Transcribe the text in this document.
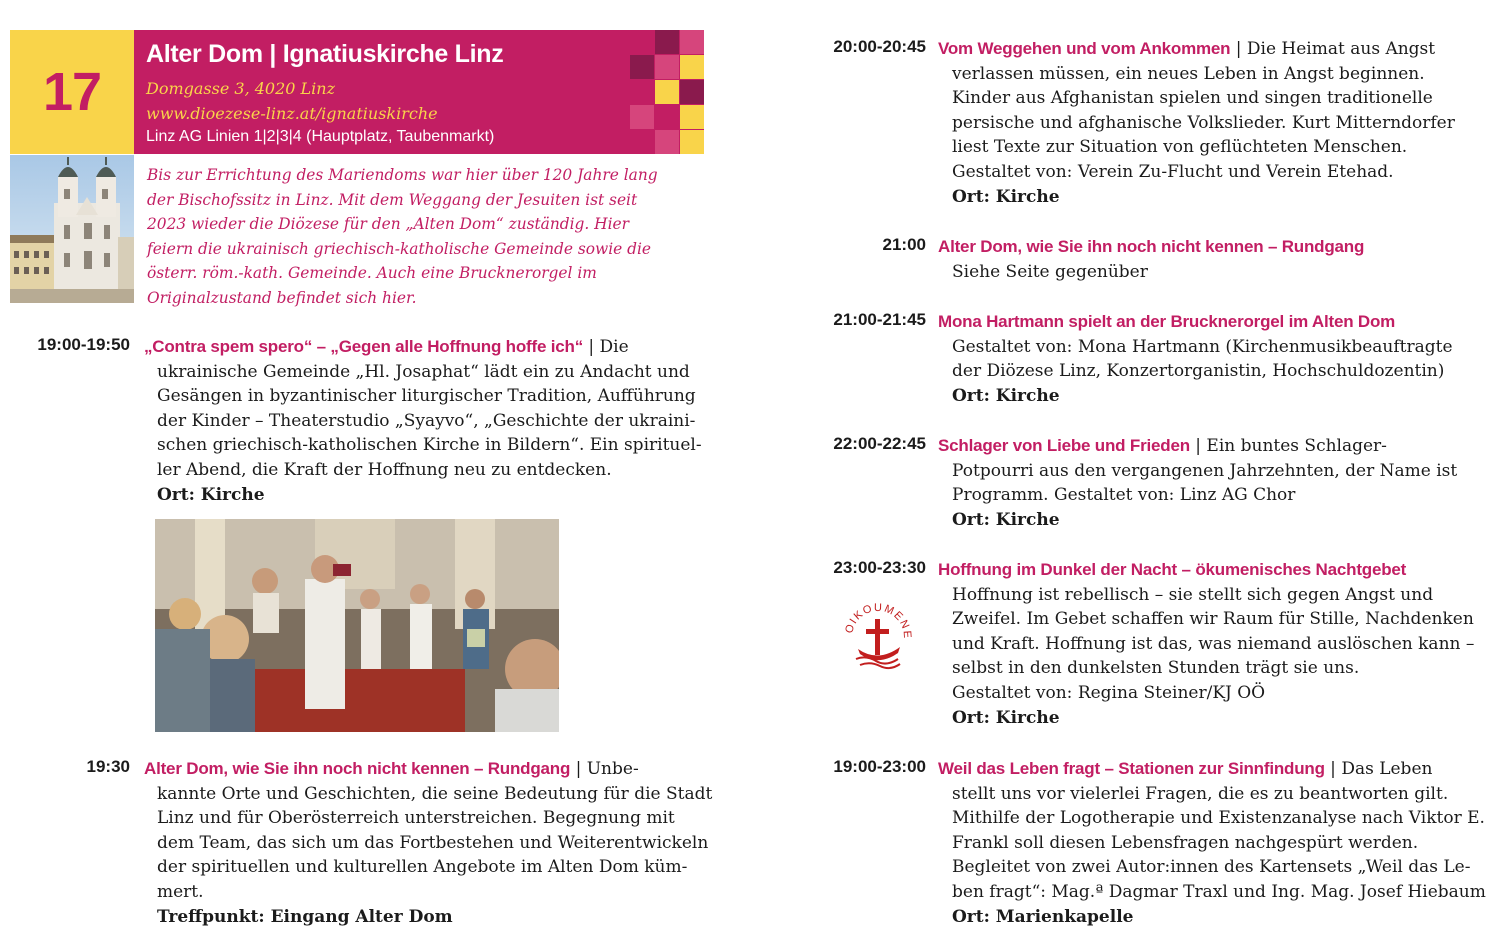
17
Alter Dom | Ignatiuskirche Linz
Domgasse 3, 4020 Linz
www.dioezese-linz.at/ignatiuskirche
Linz AG Linien 1|2|3|4 (Hauptplatz, Taubenmarkt)
Bis zur Errichtung des Mariendoms war hier über 120 Jahre lang
der Bischofssitz in Linz. Mit dem Weggang der Jesuiten ist seit
2023 wieder die Diözese für den „Alten Dom“ zuständig. Hier
feiern die ukrainisch griechisch-katholische Gemeinde sowie die
österr. röm.-kath. Gemeinde. Auch eine Brucknerorgel im
Originalzustand befindet sich hier.
19:00-19:50 „Contra spem spero“ – „Gegen alle Hoffnung hoffe ich“ | Die
ukrainische Gemeinde „Hl. Josaphat“ lädt ein zu Andacht und
Gesängen in byzantinischer liturgischer Tradition, Aufführung
der Kinder – Theaterstudio „Syayvo“, „Geschichte der ukraini-
schen griechisch-katholischen Kirche in Bildern“. Ein spirituel-
ler Abend, die Kraft der Hoffnung neu zu entdecken.
Ort: Kirche
19:30 Alter Dom, wie Sie ihn noch nicht kennen – Rundgang | Unbe-
kannte Orte und Geschichten, die seine Bedeutung für die Stadt
Linz und für Oberösterreich unterstreichen. Begegnung mit
dem Team, das sich um das Fortbestehen und Weiterentwickeln
der spirituellen und kulturellen Angebote im Alten Dom küm-
mert.
Treffpunkt: Eingang Alter Dom
20:00-20:45 Vom Weggehen und vom Ankommen | Die Heimat aus Angst
verlassen müssen, ein neues Leben in Angst beginnen.
Kinder aus Afghanistan spielen und singen traditionelle
persische und afghanische Volkslieder. Kurt Mitterndorfer
liest Texte zur Situation von geflüchteten Menschen.
Gestaltet von: Verein Zu-Flucht und Verein Etehad.
Ort: Kirche
21:00 Alter Dom, wie Sie ihn noch nicht kennen – Rundgang
Siehe Seite gegenüber
21:00-21:45 Mona Hartmann spielt an der Brucknerorgel im Alten Dom
Gestaltet von: Mona Hartmann (Kirchenmusikbeauftragte
der Diözese Linz, Konzertorganistin, Hochschuldozentin)
Ort: Kirche
22:00-22:45 Schlager von Liebe und Frieden | Ein buntes Schlager-
Potpourri aus den vergangenen Jahrzehnten, der Name ist
Programm. Gestaltet von: Linz AG Chor
Ort: Kirche
23:00-23:30 Hoffnung im Dunkel der Nacht – ökumenisches Nachtgebet
Hoffnung ist rebellisch – sie stellt sich gegen Angst und
Zweifel. Im Gebet schaffen wir Raum für Stille, Nachdenken
und Kraft. Hoffnung ist das, was niemand auslöschen kann –
selbst in den dunkelsten Stunden trägt sie uns.
Gestaltet von: Regina Steiner/KJ OÖ
Ort: Kirche
OIKOUMENE
19:00-23:00 Weil das Leben fragt – Stationen zur Sinnfindung | Das Leben
stellt uns vor vielerlei Fragen, die es zu beantworten gilt.
Mithilfe der Logotherapie und Existenzanalyse nach Viktor E.
Frankl soll diesen Lebensfragen nachgespürt werden.
Begleitet von zwei Autor:innen des Kartensets „Weil das Le-
ben fragt“: Mag.ª Dagmar Traxl und Ing. Mag. Josef Hiebaum
Ort: Marienkapelle
